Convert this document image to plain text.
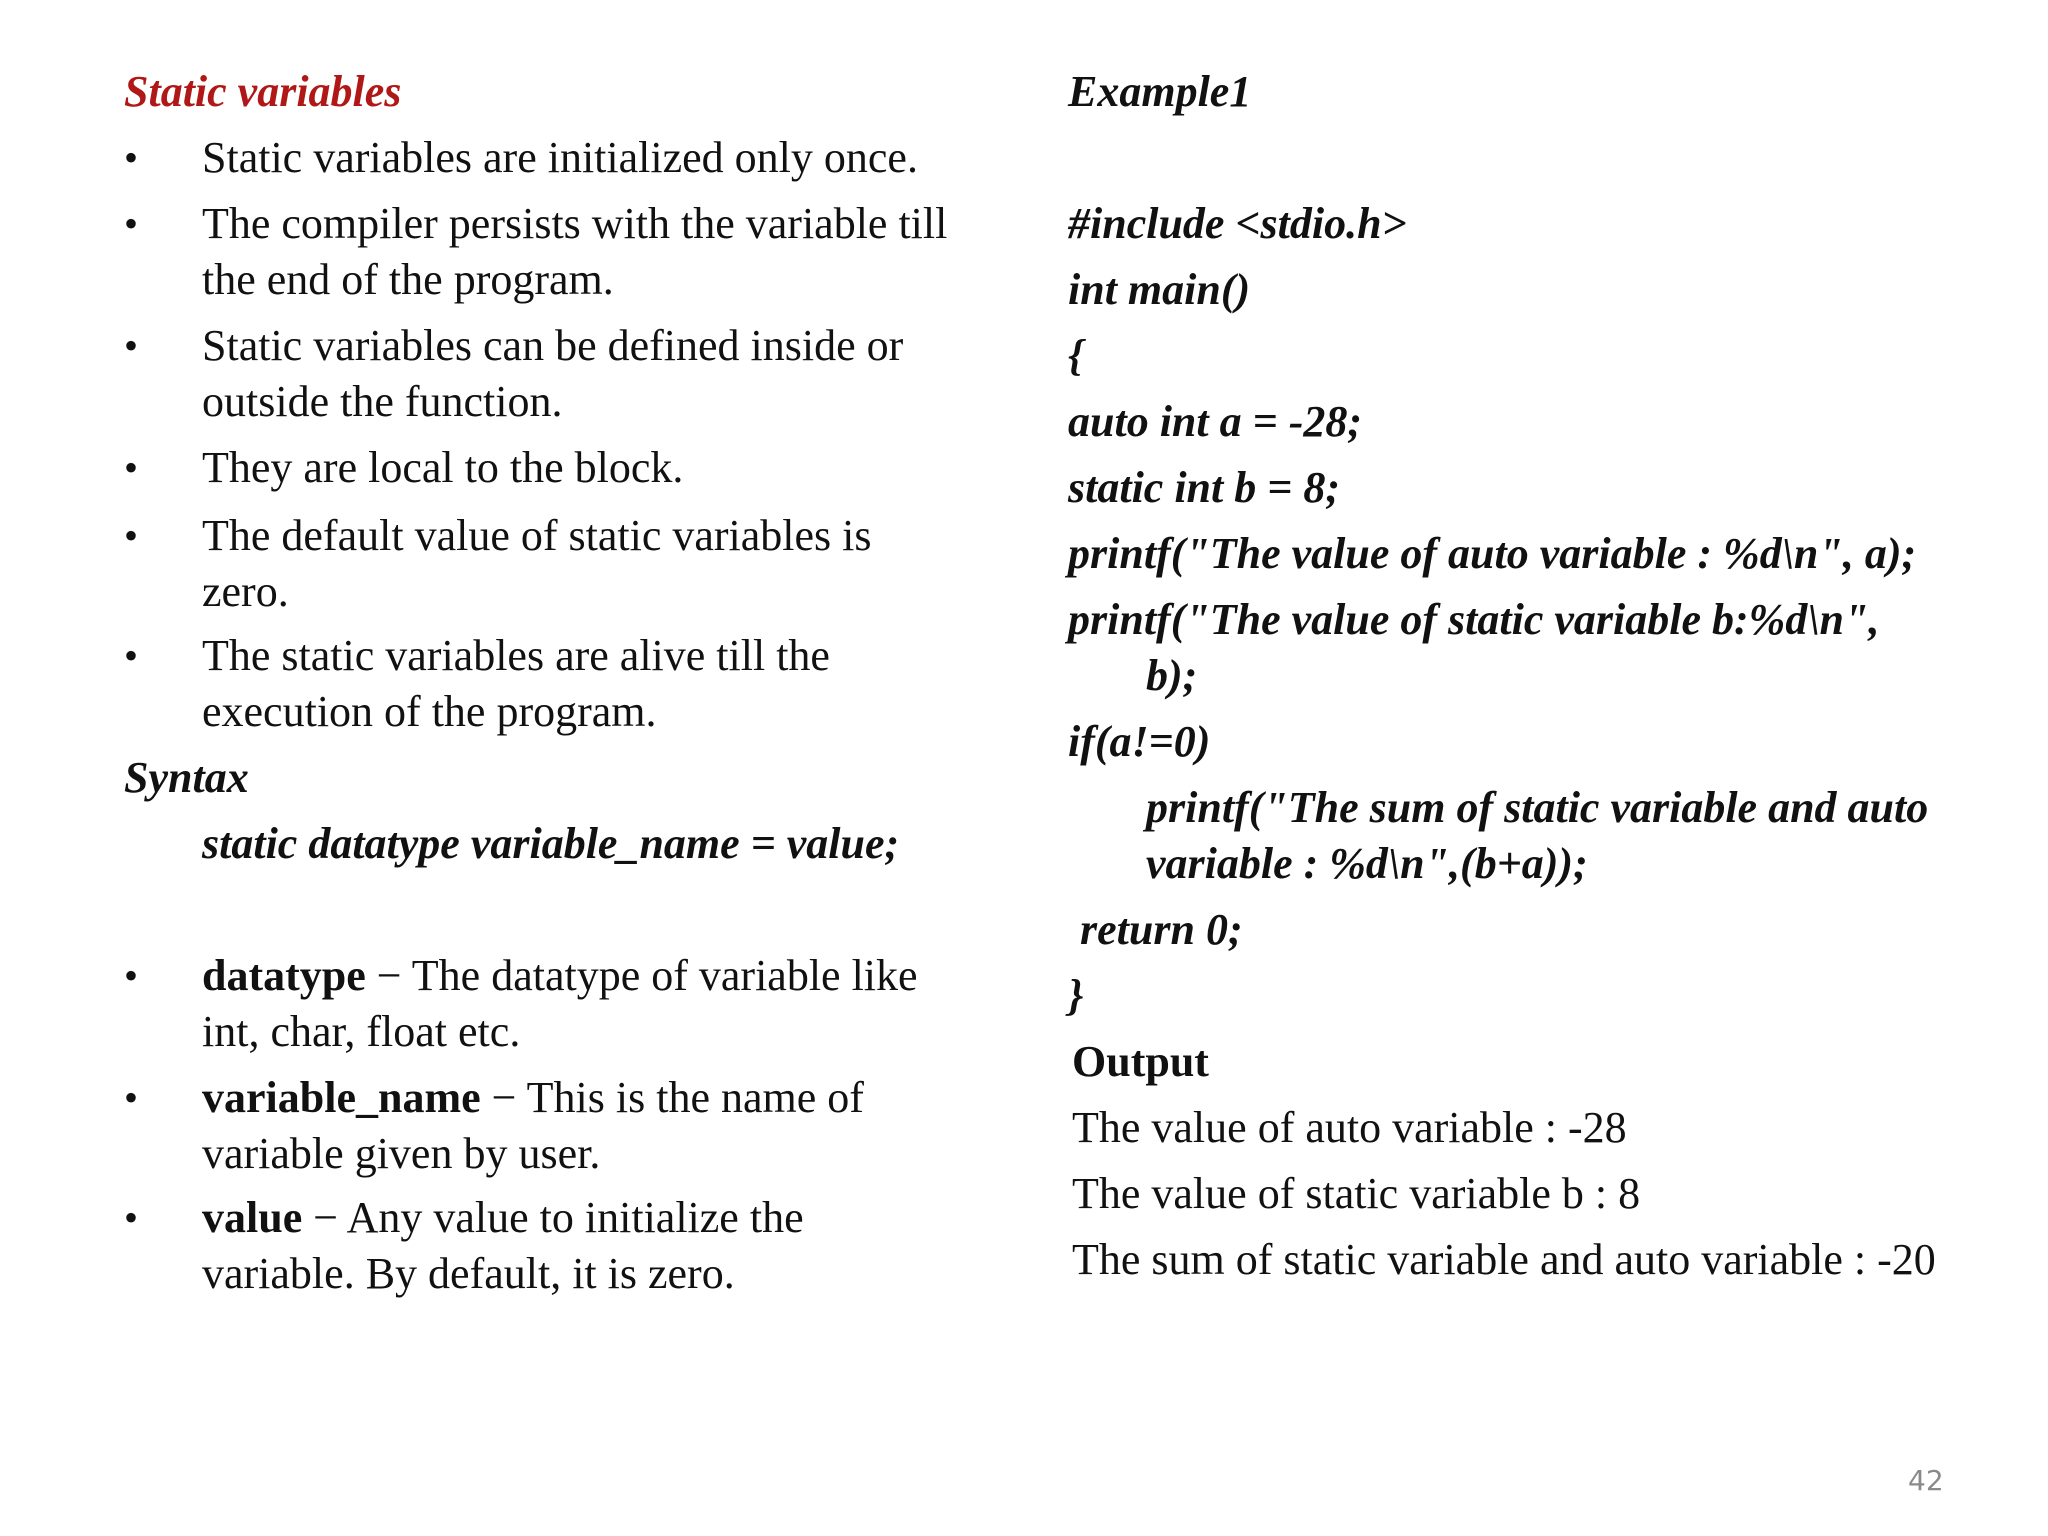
Static variables
• Static variables are initialized only once.
• The compiler persists with the variable till
the end of the program.
• Static variables can be defined inside or
outside the function.
• They are local to the block.
• The default value of static variables is
zero.
• The static variables are alive till the
execution of the program.
Syntax
static datatype variable_name = value;
• datatype − The datatype of variable like
int, char, float etc.
• variable_name − This is the name of
variable given by user.
• value − Any value to initialize the
variable. By default, it is zero.
Example1
#include <stdio.h>
int main()
{
auto int a = -28;
static int b = 8;
printf("The value of auto variable : %d\n", a);
printf("The value of static variable b:%d\n",
b);
if(a!=0)
printf("The sum of static variable and auto
variable : %d\n",(b+a));
return 0;
}
Output
The value of auto variable : -28
The value of static variable b : 8
The sum of static variable and auto variable : -20
42
